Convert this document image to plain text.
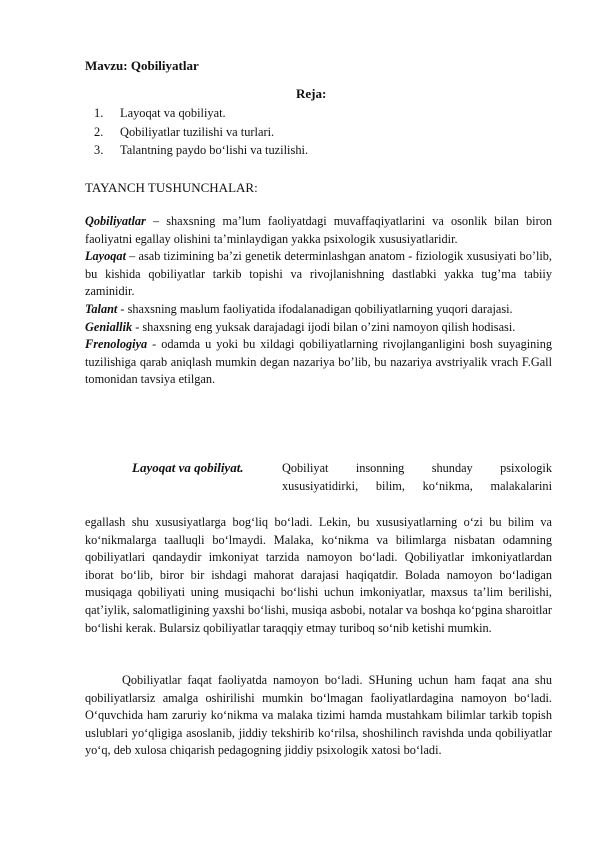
Mavzu: Qobiliyatlar
Reja:
1. Layoqat va qobiliyat.
2. Qobiliyatlar tuzilishi va turlari.
3. Talantning paydo bo‘lishi va tuzilishi.
TAYANCH TUSHUNCHALAR:

Qobiliyatlar – shaxsning ma’lum faoliyatdagi muvaffaqiyatlarini va osonlik bilan biron faoliyatni egallay olishini ta’minlaydigan yakka psixologik xususiyatlaridir.

Layoqat – asab tizimining ba’zi genetik determinlashgan anatom - fiziologik xususiyati bo’lib, bu kishida qobiliyatlar tarkib topishi va rivojlanishning dastlabki yakka tug’ma tabiiy zaminidir.

Talant - shaxsning maьlum faoliyatida ifodalanadigan qobiliyatlarning yuqori darajasi.

Geniallik - shaxsning eng yuksak darajadagi ijodi bilan o’zini namoyon qilish hodisasi.

Frenologiya - odamda u yoki bu xildagi qobiliyatlarning rivojlanganligini bosh suyagining tuzilishiga qarab aniqlash mumkin degan nazariya bo’lib, bu nazariya avstriyalik vrach F.Gall tomonidan tavsiya etilgan.

Layoqat va qobiliyat.	Qobiliyat insonning shunday psixologik
xususiyatidirki, bilim, ko‘nikma, malakalarini

egallash shu xususiyatlarga bog‘liq bo‘ladi. Lekin, bu xususiyatlarning o‘zi bu bilim va ko‘nikmalarga taalluqli bo‘lmaydi. Malaka, ko‘nikma va bilimlarga nisbatan odamning qobiliyatlari qandaydir imkoniyat tarzida namoyon bo‘ladi. Qobiliyatlar imkoniyatlardan iborat bo‘lib, biror bir ishdagi mahorat darajasi haqiqatdir. Bolada namoyon bo‘ladigan musiqaga qobiliyati uning musiqachi bo‘lishi uchun imkoniyatlar, maxsus ta’lim berilishi, qat’iylik, salomatligining yaxshi bo‘lishi, musiqa asbobi, notalar va boshqa ko‘pgina sharoitlar bo‘lishi kerak. Bularsiz qobiliyatlar taraqqiy etmay turiboq so‘nib ketishi mumkin.

Qobiliyatlar faqat faoliyatda namoyon bo‘ladi. SHuning uchun ham faqat ana shu qobiliyatlarsiz amalga oshirilishi mumkin bo‘lmagan faoliyatlardagina namoyon bo‘ladi. O‘quvchida ham zaruriy ko‘nikma va malaka tizimi hamda mustahkam bilimlar tarkib topish uslublari yo‘qligiga asoslanib, jiddiy tekshirib ko‘rilsa, shoshilinch ravishda unda qobiliyatlar yo‘q, deb xulosa chiqarish pedagogning jiddiy psixologik xatosi bo‘ladi.
